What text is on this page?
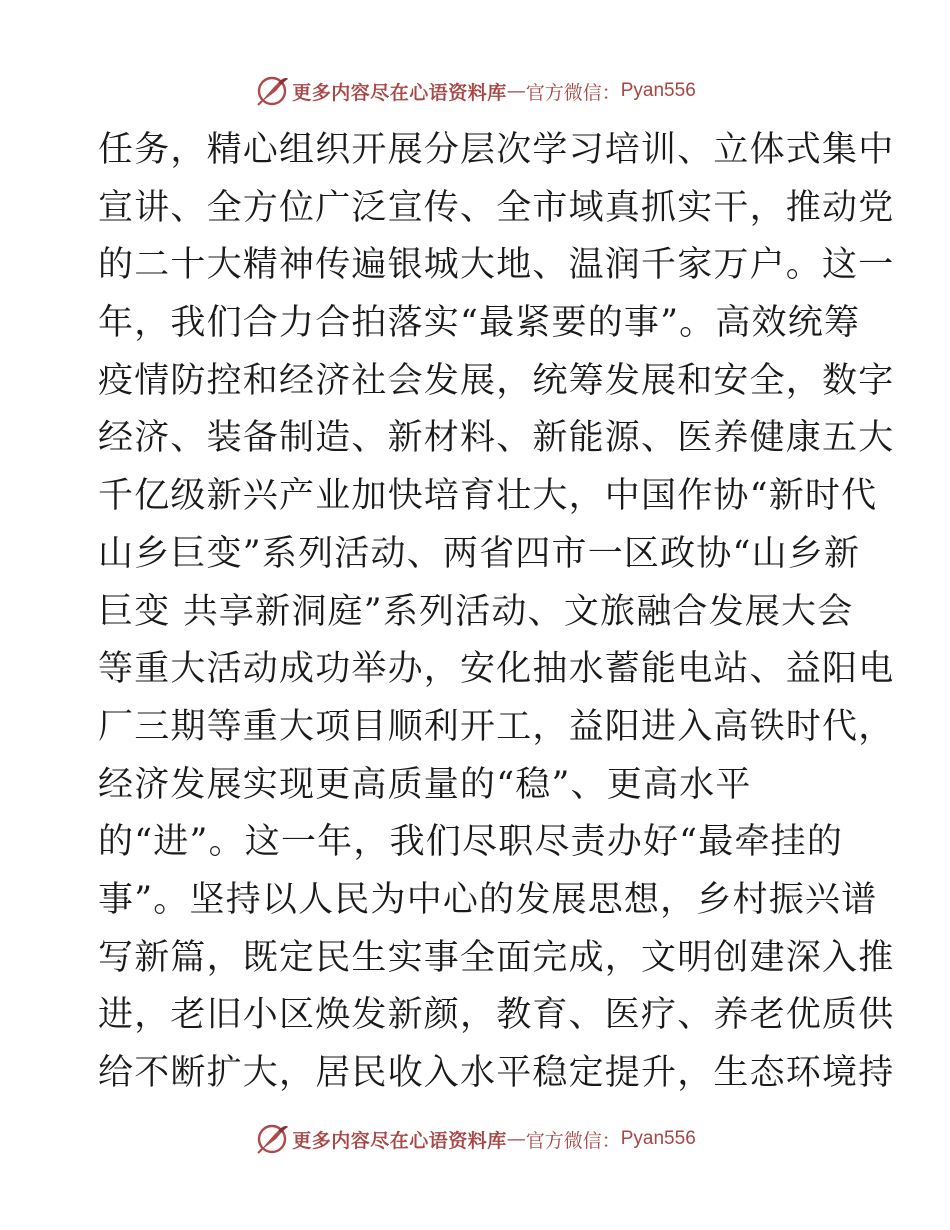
更多内容尽在心语资料库 — 官方微信： Pyan556
任务，精心组织开展分层次学习培训、立体式集中
宣讲、全方位广泛宣传、全市域真抓实干，推动党
的二十大精神传遍银城大地、温润千家万户。这一
年，我们合力合拍落实“最紧要的事”。高效统筹
疫情防控和经济社会发展，统筹发展和安全，数字
经济、装备制造、新材料、新能源、医养健康五大
千亿级新兴产业加快培育壮大，中国作协“新时代
山乡巨变”系列活动、两省四市一区政协“山乡新
巨变 共享新洞庭”系列活动、文旅融合发展大会
等重大活动成功举办，安化抽水蓄能电站、益阳电
厂三期等重大项目顺利开工，益阳进入高铁时代，
经济发展实现更高质量的“稳”、更高水平
的“进”。这一年，我们尽职尽责办好“最牵挂的
事”。坚持以人民为中心的发展思想，乡村振兴谱
写新篇，既定民生实事全面完成，文明创建深入推
进，老旧小区焕发新颜，教育、医疗、养老优质供
给不断扩大，居民收入水平稳定提升，生态环境持
更多内容尽在心语资料库 — 官方微信： Pyan556
